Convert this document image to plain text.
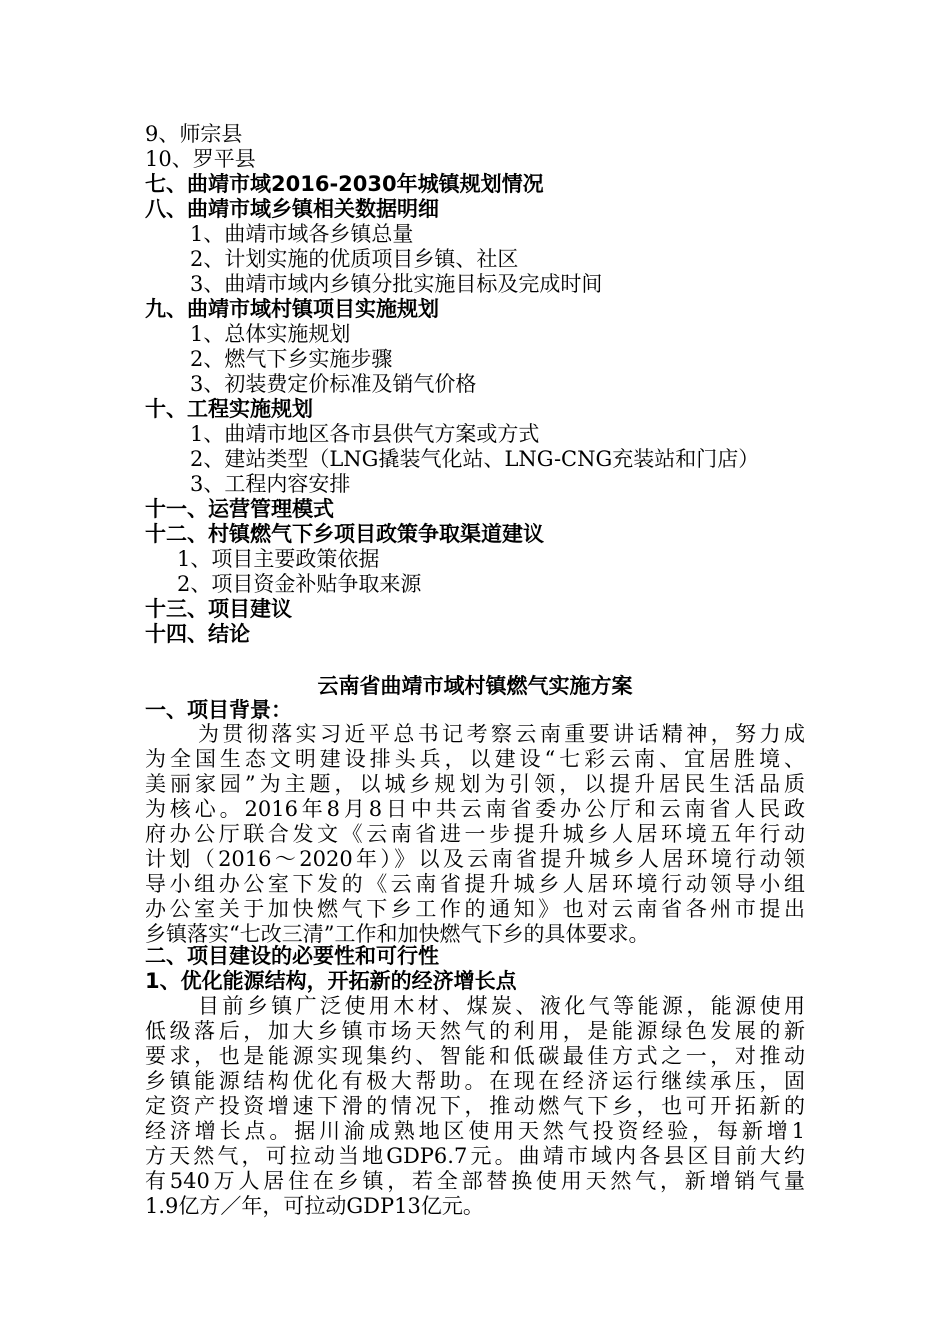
9、师宗县
10、罗平县
七、曲靖市域2016-2030年城镇规划情况
八、曲靖市域乡镇相关数据明细
1、曲靖市域各乡镇总量
2、计划实施的优质项目乡镇、社区
3、曲靖市域内乡镇分批实施目标及完成时间
九、曲靖市域村镇项目实施规划
1、总体实施规划
2、燃气下乡实施步骤
3、初装费定价标准及销气价格
十、工程实施规划
1、曲靖市地区各市县供气方案或方式
2、建站类型（LNG撬装气化站、LNG-CNG充装站和门店）
3、工程内容安排
十一、运营管理模式
十二、村镇燃气下乡项目政策争取渠道建议
1、项目主要政策依据
2、项目资金补贴争取来源
十三、项目建议
十四、结论
云南省曲靖市域村镇燃气实施方案
一、项目背景：
为贯彻落实习近平总书记考察云南重要讲话精神，努力成
为全国生态文明建设排头兵，以建设“七彩云南、宜居胜境、
美丽家园”为主题，以城乡规划为引领，以提升居民生活品质
为核心。2016年8月8日中共云南省委办公厅和云南省人民政
府办公厅联合发文《云南省进一步提升城乡人居环境五年行动
计划（2016～2020年）》以及云南省提升城乡人居环境行动领
导小组办公室下发的《云南省提升城乡人居环境行动领导小组
办公室关于加快燃气下乡工作的通知》也对云南省各州市提出
乡镇落实“七改三清”工作和加快燃气下乡的具体要求。
二、项目建设的必要性和可行性
1、优化能源结构，开拓新的经济增长点
目前乡镇广泛使用木材、煤炭、液化气等能源，能源使用
低级落后，加大乡镇市场天然气的利用，是能源绿色发展的新
要求，也是能源实现集约、智能和低碳最佳方式之一，对推动
乡镇能源结构优化有极大帮助。在现在经济运行继续承压，固
定资产投资增速下滑的情况下，推动燃气下乡，也可开拓新的
经济增长点。据川渝成熟地区使用天然气投资经验，每新增1
方天然气，可拉动当地GDP6.7元。曲靖市域内各县区目前大约
有540万人居住在乡镇，若全部替换使用天然气，新增销气量
1.9亿方／年，可拉动GDP13亿元。
